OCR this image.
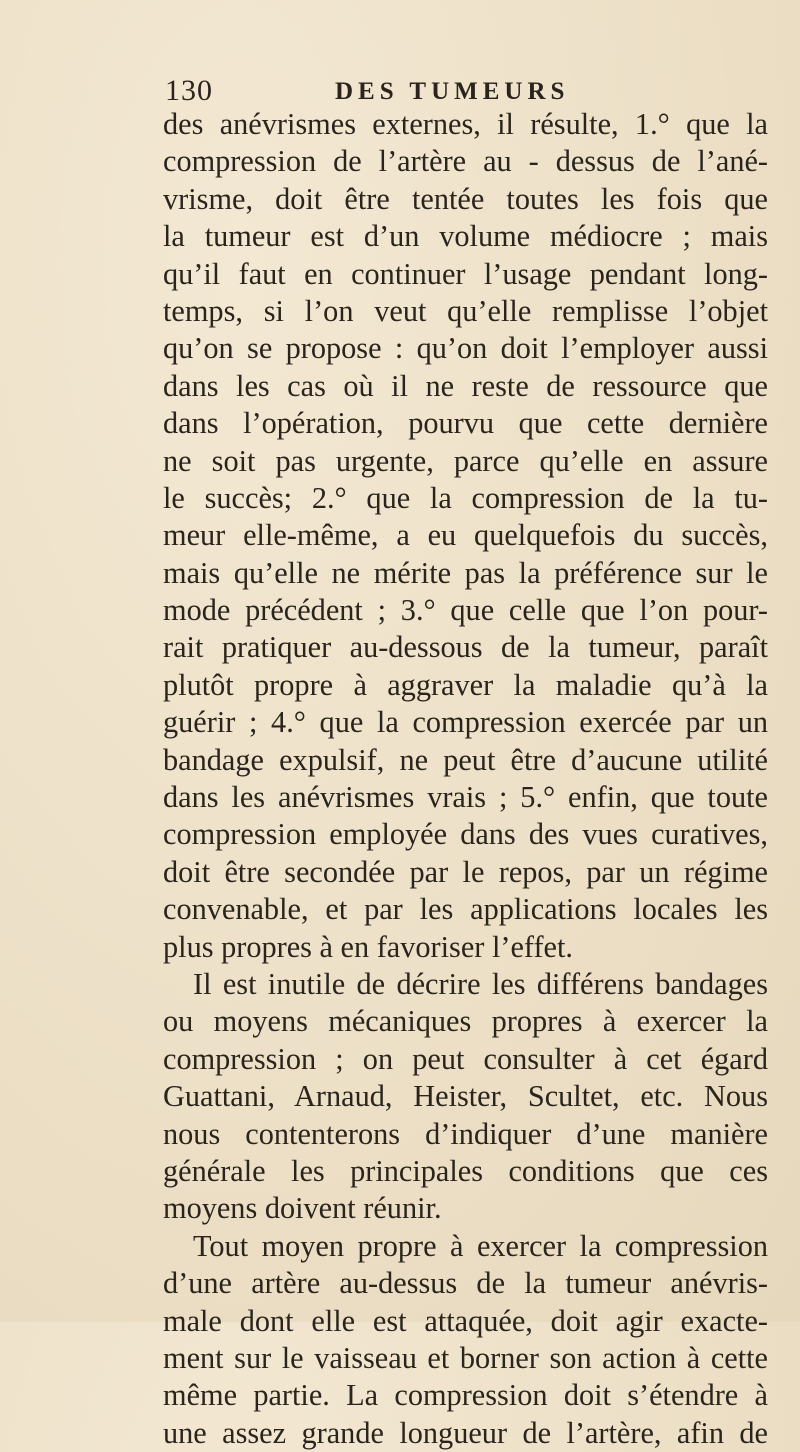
130	DES TUMEURS
des anévrismes externes, il résulte, 1.° que la
compression de l’artère au - dessus de l’ané-
vrisme, doit être tentée toutes les fois que
la tumeur est d’un volume médiocre ; mais
qu’il faut en continuer l’usage pendant long-
temps, si l’on veut qu’elle remplisse l’objet
qu’on se propose : qu’on doit l’employer aussi
dans les cas où il ne reste de ressource que
dans l’opération, pourvu que cette dernière
ne soit pas urgente, parce qu’elle en assure
le succès; 2.° que la compression de la tu-
meur elle-même, a eu quelquefois du succès,
mais qu’elle ne mérite pas la préférence sur le
mode précédent ; 3.° que celle que l’on pour-
rait pratiquer au-dessous de la tumeur, paraît
plutôt propre à aggraver la maladie qu’à la
guérir ; 4.° que la compression exercée par un
bandage expulsif, ne peut être d’aucune utilité
dans les anévrismes vrais ; 5.° enfin, que toute
compression employée dans des vues curatives,
doit être secondée par le repos, par un régime
convenable, et par les applications locales les
plus propres à en favoriser l’effet.
Il est inutile de décrire les différens bandages
ou moyens mécaniques propres à exercer la
compression ; on peut consulter à cet égard
Guattani, Arnaud, Heister, Scultet, etc. Nous
nous contenterons d’indiquer d’une manière
générale les principales conditions que ces
moyens doivent réunir.
Tout moyen propre à exercer la compression
d’une artère au-dessus de la tumeur anévris-
male dont elle est attaquée, doit agir exacte-
ment sur le vaisseau et borner son action à cette
même partie. La compression doit s’étendre à
une assez grande longueur de l’artère, afin de
